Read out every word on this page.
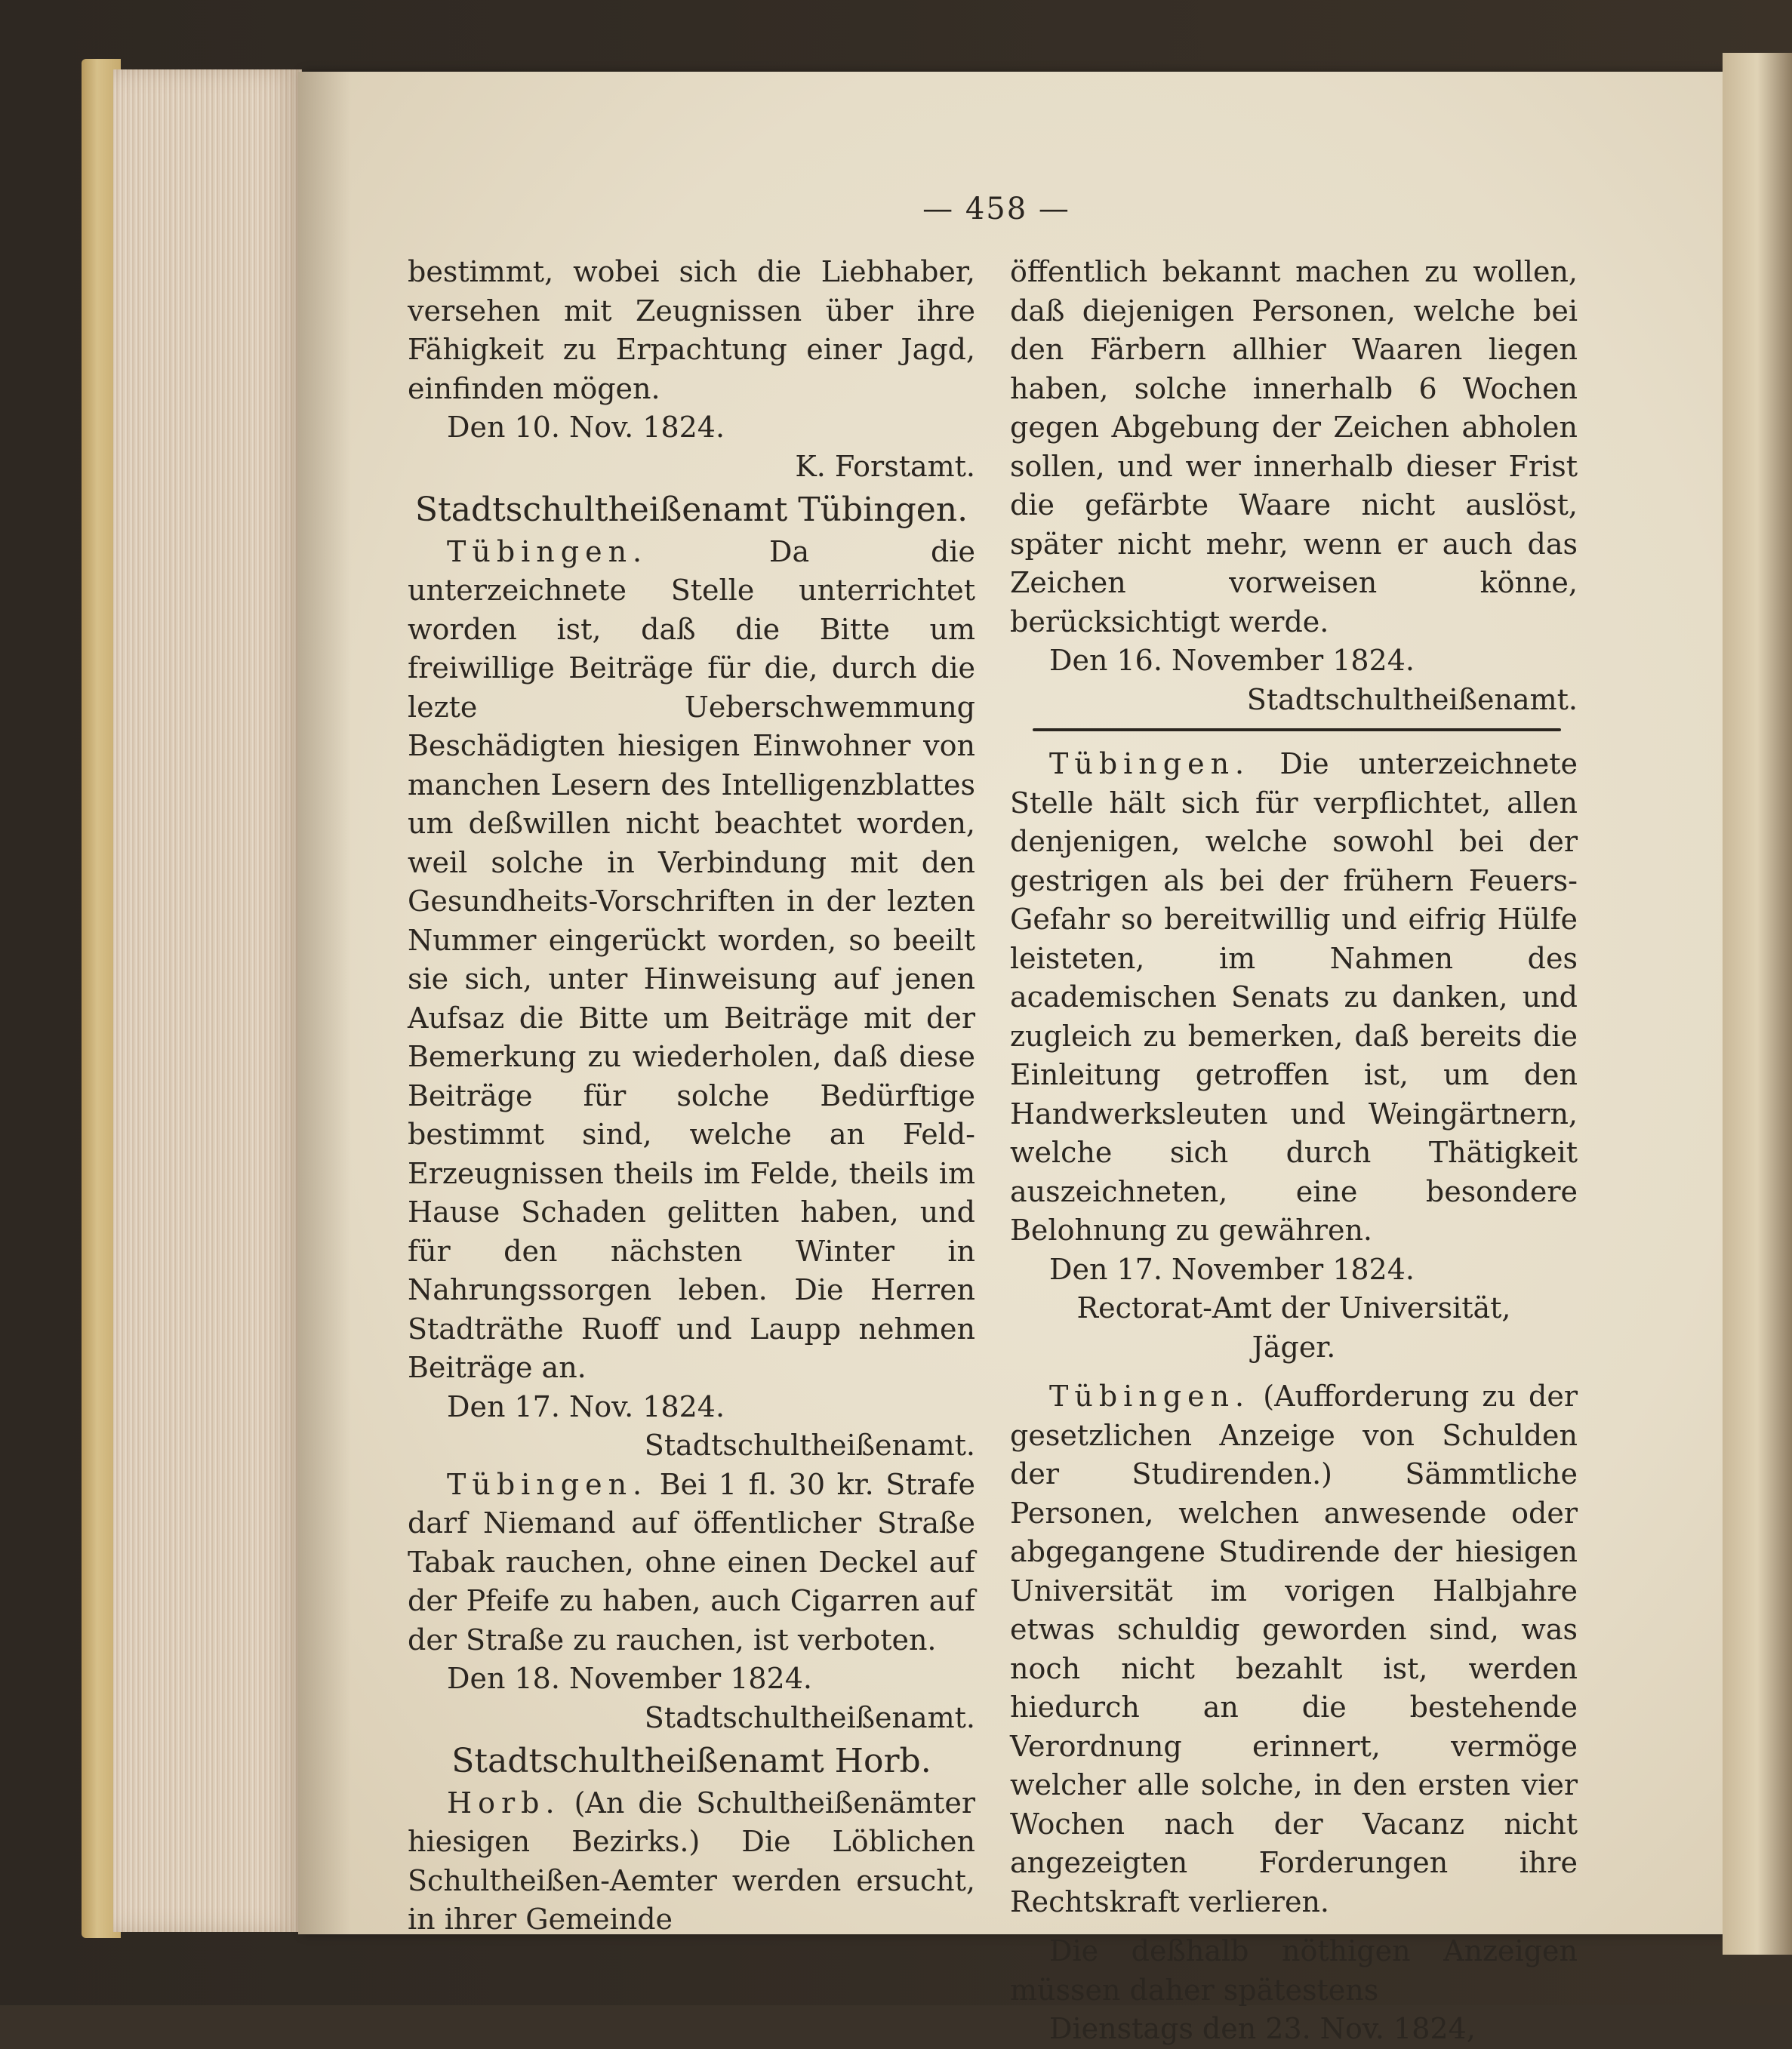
— 458 —

bestimmt, wobei sich die Liebhaber, versehen mit Zeugnissen über ihre Fähigkeit zu Erpachtung einer Jagd, einfinden mögen.

Den 10. Nov. 1824.

K. Forstamt.

Stadtschultheißenamt Tübingen.

Tübingen.	Da die unterzeichnete Stelle unterrichtet worden ist, daß die Bitte um freiwillige Beiträge für die, durch die lezte Ueberschwemmung Beschädigten hiesigen Einwohner von manchen Lesern des Intelligenzblattes um deßwillen nicht beachtet worden, weil solche in Verbindung mit den Gesundheits-Vorschriften in der lezten Nummer eingerückt worden, so beeilt sie sich, unter Hinweisung auf jenen Aufsaz die Bitte um Beiträge mit der Bemerkung zu wiederholen, daß diese Beiträge für solche Bedürftige bestimmt sind, welche an Feld-Erzeugnissen theils im Felde, theils im Hause Schaden gelitten haben, und für den nächsten Winter in Nahrungssorgen leben. Die Herren Stadträthe Ruoff und Laupp nehmen Beiträge an.

Den 17. Nov. 1824.

Stadtschultheißenamt.

Tübingen. Bei 1 fl. 30 kr. Strafe darf Niemand auf öffentlicher Straße Tabak rauchen, ohne einen Deckel auf der Pfeife zu haben, auch Cigarren auf der Straße zu rauchen, ist verboten.

Den 18. November 1824.

Stadtschultheißenamt.

Stadtschultheißenamt Horb.

Horb. (An die Schultheißenämter hiesigen Bezirks.) Die Löblichen Schultheißen-Aemter werden ersucht, in ihrer Gemeinde

öffentlich bekannt machen zu wollen, daß diejenigen Personen, welche bei den Färbern allhier Waaren liegen haben, solche innerhalb 6 Wochen gegen Abgebung der Zeichen abholen sollen, und wer innerhalb dieser Frist die gefärbte Waare nicht auslöst, später nicht mehr, wenn er auch das Zeichen vorweisen könne, berücksichtigt werde.

Den 16. November 1824.

Stadtschultheißenamt.

Tübingen. Die unterzeichnete Stelle hält sich für verpflichtet, allen denjenigen, welche sowohl bei der gestrigen als bei der frühern Feuers-Gefahr so bereitwillig und eifrig Hülfe leisteten, im Nahmen des academischen Senats zu danken, und zugleich zu bemerken, daß bereits die Einleitung getroffen ist, um den Handwerksleuten und Weingärtnern, welche sich durch Thätigkeit auszeichneten, eine besondere Belohnung zu gewähren.

Den 17. November 1824.

Rectorat-Amt der Universität,

Jäger.

Tübingen. (Aufforderung zu der gesetzlichen Anzeige von Schulden der Studirenden.) Sämmtliche Personen, welchen anwesende oder abgegangene Studirende der hiesigen Universität im vorigen Halbjahre etwas schuldig geworden sind, was noch nicht bezahlt ist, werden hiedurch an die bestehende Verordnung erinnert, vermöge welcher alle solche, in den ersten vier Wochen nach der Vacanz nicht angezeigten Forderungen ihre Rechtskraft verlieren.

Die deßhalb nöthigen Anzeigen müssen daher spätestens

Dienstags den 23. Nov. 1824,
